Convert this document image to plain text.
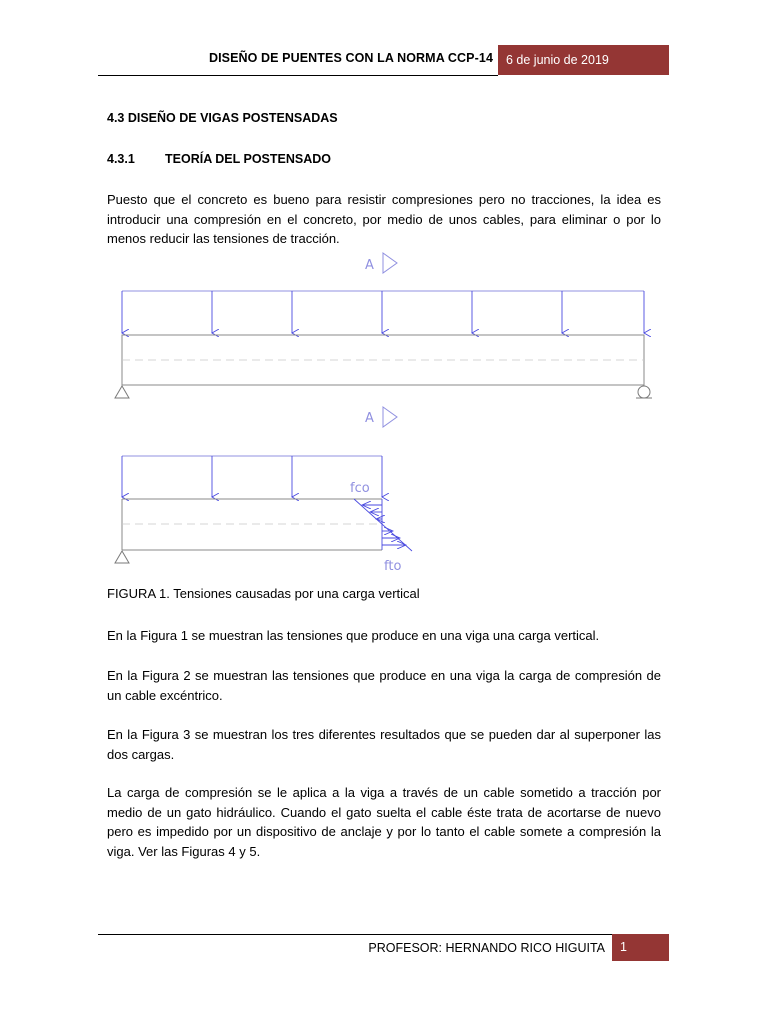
DISEÑO DE PUENTES CON LA NORMA CCP-14	6 de junio de 2019
4.3 DISEÑO DE VIGAS POSTENSADAS
4.3.1 TEORÍA DEL POSTENSADO

Puesto que el concreto es bueno para resistir compresiones pero no tracciones, la idea es introducir una compresión en el concreto, por medio de unos cables, para eliminar o por lo menos reducir las tensiones de tracción.

A
A
fco
fto

FIGURA 1. Tensiones causadas por una carga vertical

En la Figura 1 se muestran las tensiones que produce en una viga una carga vertical.

En la Figura 2 se muestran las tensiones que produce en una viga la carga de compresión de un cable excéntrico.

En la Figura 3 se muestran los tres diferentes resultados que se pueden dar al superponer las dos cargas.

La carga de compresión se le aplica a la viga a través de un cable sometido a tracción por medio de un gato hidráulico. Cuando el gato suelta el cable éste trata de acortarse de nuevo pero es impedido por un dispositivo de anclaje y por lo tanto el cable somete a compresión la viga. Ver las Figuras 4 y 5.

PROFESOR: HERNANDO RICO HIGUITA	1
